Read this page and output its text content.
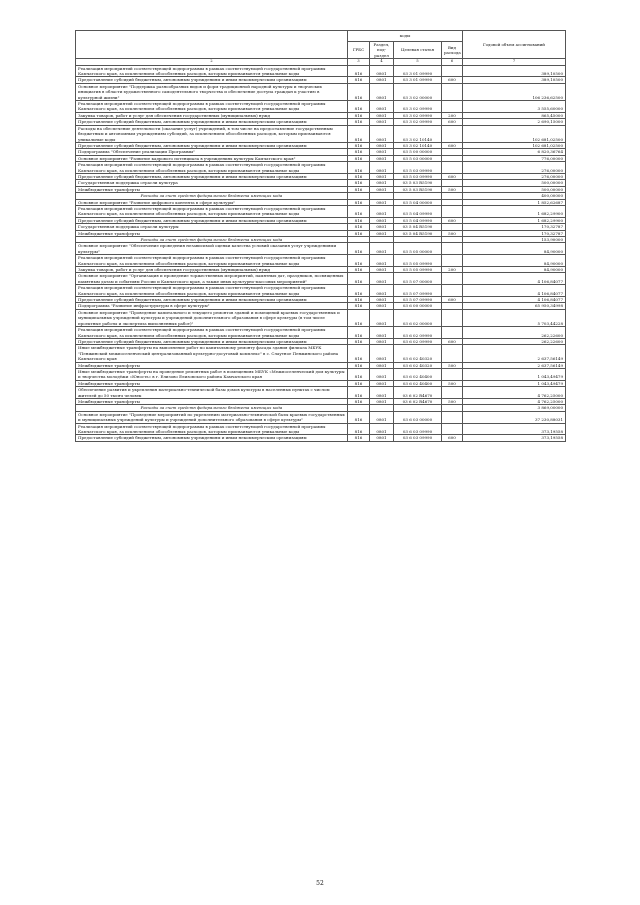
		коды				Годовой объем ассигнований
	ГРБС	Раздел, под-раздел	Целевая статья	Вид расхода	
	2	3	4	5	6	7
	Реализация мероприятий соответствующей подпрограммы в рамках соответствующей государственной программы Камчатского края, за исключением обособленных расходов, которым присваиваются уникальные коды	816	0801	03 3 01 09990		389,10500
	Предоставление субсидий бюджетным, автономным учреждениям и иным некоммерческим организациям	816	0801	03 3 01 09990	600	389,10500
	Основное мероприятие "Поддержка разнообразных видов и форм традиционной народной культуры и творческих инициатив в области художественного самодеятельного творчества и обеспечение доступа граждан к участию в культурной жизни"	816	0801	03 3 02 00000		106 236,62500
	Реализация мероприятий соответствующей подпрограммы в рамках соответствующей государственной программы Камчатского края, за исключением обособленных расходов, которым присваиваются уникальные коды	816	0801	03 3 02 09990		3 555,60000
	Закупка товаров, работ и услуг для обеспечения государственных (муниципальных) нужд	816	0801	03 3 02 09990	200	865,45000
	Предоставление субсидий бюджетным, автономным учреждениям и иным некоммерческим организациям	816	0801	03 3 02 09990	600	2 690,15000
	Расходы на обеспечение деятельности (оказание услуг) учреждений, в том числе на предоставление государственным бюджетным и автономным учреждениям субсидий, за исключением обособленных расходов, которым присваиваются уникальные коды	816	0801	03 3 02 10140		102 681,02500
	Предоставление субсидий бюджетным, автономным учреждениям и иным некоммерческим организациям	816	0801	03 3 02 10140	600	102 681,02500
	Подпрограмма "Обеспечение реализации Программы"	816	0801	03 5 00 00000		6 820,36764
	Основное мероприятие "Развитие кадрового потенциала в учреждениях культуры Камчатского края"	816	0801	03 5 03 00000		776,00000
	Реализация мероприятий соответствующей подпрограммы в рамках соответствующей государственной программы Камчатского края, за исключением обособленных расходов, которым присваиваются уникальные коды	816	0801	03 5 03 09990		276,00000
	Предоставление субсидий бюджетным, автономным учреждениям и иным некоммерческим организациям	816	0801	03 5 03 09990	600	276,00000
	Государственная поддержка отрасли культура	816	0801	03 5 03 R5190		500,00000
	Межбюджетные трансферты	816	0801	03 5 03 R5190	500	500,00000
	Расходы за счет средств федерального бюджета имеющих кода					400,00000
	Основное мероприятие "Развитие цифрового контента в сфере культуры"	816	0801	03 5 04 00000		1 852,62687
	Реализация мероприятий соответствующей подпрограммы в рамках соответствующей государственной программы Камчатского края, за исключением обособленных расходов, которым присваиваются уникальные коды	816	0801	03 5 04 09990		1 682,29900
	Предоставление субсидий бюджетным, автономным учреждениям и иным некоммерческим организациям	816	0801	03 5 04 09990	600	1 682,29900
	Государственная поддержка отрасли культуры	816	0801	03 5 04 R5190		170,32787
	Межбюджетные трансферты	816	0801	03 5 04 R5190	500	170,32787
	Расходы за счет средств федерального бюджета имеющих кода					153,90000
	Основное мероприятие "Обеспечение проведения независимой оценки качества условий оказания услуг учреждениями культуры"	816	0801	03 5 05 00000		84,90000
	Реализация мероприятий соответствующей подпрограммы в рамках соответствующей государственной программы Камчатского края, за исключением обособленных расходов, которым присваиваются уникальные коды	816	0801	03 5 05 09990		84,90000
	Закупка товаров, работ и услуг для обеспечения государственных (муниципальных) нужд	816	0801	03 5 05 09990	200	84,90000
	Основное мероприятие "Организация и проведение торжественных мероприятий, памятных дат, праздников, посвященных памятным датам и событиям России и Камчатского края, а также иных культурно-массовых мероприятий"	816	0801	03 5 07 00000		4 106,84077
	Реализация мероприятий соответствующей подпрограммы в рамках соответствующей государственной программы Камчатского края, за исключением обособленных расходов, которым присваиваются уникальные коды	816	0801	03 5 07 09990		4 106,84077
	Предоставление субсидий бюджетным, автономным учреждениям и иным некоммерческим организациям	816	0801	03 5 07 09990	600	4 106,84077
	Подпрограмма "Развитие инфраструктуры в сфере культуры"	816	0801	03 6 00 00000		65 950,34998
	Основное мероприятие "Проведение капитального и текущего ремонтов зданий и помещений краевых государственных и муниципальных учреждений культуры и учреждений дополнительного образования в сфере культуры (в том числе проектные работы и экспертиза выполненных работ)"	816	0801	03 6 02 00000		5 703,44228
	Реализация мероприятий соответствующей подпрограммы в рамках соответствующей государственной программы Камчатского края, за исключением обособленных расходов, которым присваиваются уникальные коды	816	0801	03 6 02 09990		262,22600
	Предоставление субсидий бюджетным, автономным учреждениям и иным некоммерческим организациям	816	0801	03 6 02 09990	600	262,22600
	Иные межбюджетные трансферты на выполнение работ по капитальному ремонту фасада здания филиала МБУК "Пенжинский межпоселенческий централизованный культурно-досуговый комплекс" в с. Слаутное Пенжинского района Камчатского края	816	0801	03 6 02 40320		2 637,56149
	Межбюджетные трансферты	816	0801	03 6 02 40320	500	2 637,56149
	Иные межбюджетные трансферты на проведение ремонтных работ в помещениях МБУК «Межпоселенческий дом культуры и творчества молодёжи «Юность» в г. Елизово Елизовского района Камчатского края	816	0801	03 6 02 40400		1 043,49479
	Межбюджетные трансферты	816	0801	03 6 02 40400	500	1 043,49479
	Обеспечение развития и укрепления материально-технической базы домов культуры в населенных пунктах с числом жителей до 50 тысяч человек	816	0801	03 6 02 R4670		4 762,25000
	Межбюджетные трансферты	816	0801	03 6 02 R4670	500	4 762,25000
	Расходы за счет средств федерального бюджета имеющих кода					3 869,00000
	Основное мероприятие "Проведение мероприятий по укреплению материально-технической базы краевых государственных и муниципальных учреждений культуры и учреждений дополнительного образования в сфере культуры"	816	0801	03 6 03 00000		37 230,88031
	Реализация мероприятий соответствующей подпрограммы в рамках соответствующей государственной программы Камчатского края, за исключением обособленных расходов, которым присваиваются уникальные коды	816	0801	03 6 03 09990		373,19558
	Предоставление субсидий бюджетным, автономным учреждениям и иным некоммерческим организациям	816	0801	03 6 03 09990	600	373,19558
52
